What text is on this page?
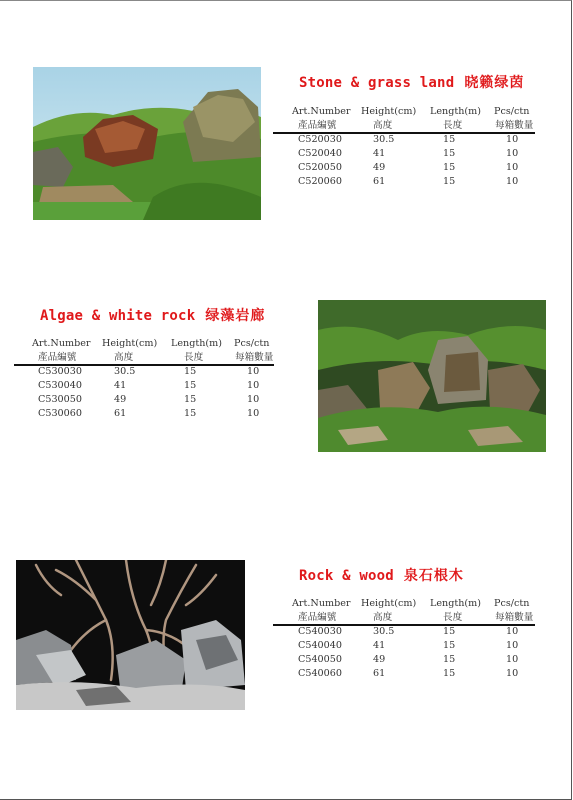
Stone & grass land 晓籁绿茵
Art.Number Height(cm) Length(m) Pcs/ctn
產品編號	高度	長度	每箱數量
C520030	30.5	15	10
C520040	41	15	10
C520050	49	15	10
C520060	61	15	10
Algae & white rock 绿藻岩廊
Art.Number Height(cm) Length(m) Pcs/ctn
產品編號	高度	長度	每箱數量
C530030	30.5	15	10
C530040	41	15	10
C530050	49	15	10
C530060	61	15	10
Rock & wood 泉石根木
Art.Number Height(cm) Length(m) Pcs/ctn
產品編號	高度	長度	每箱數量
C540030	30.5	15	10
C540040	41	15	10
C540050	49	15	10
C540060	61	15	10
